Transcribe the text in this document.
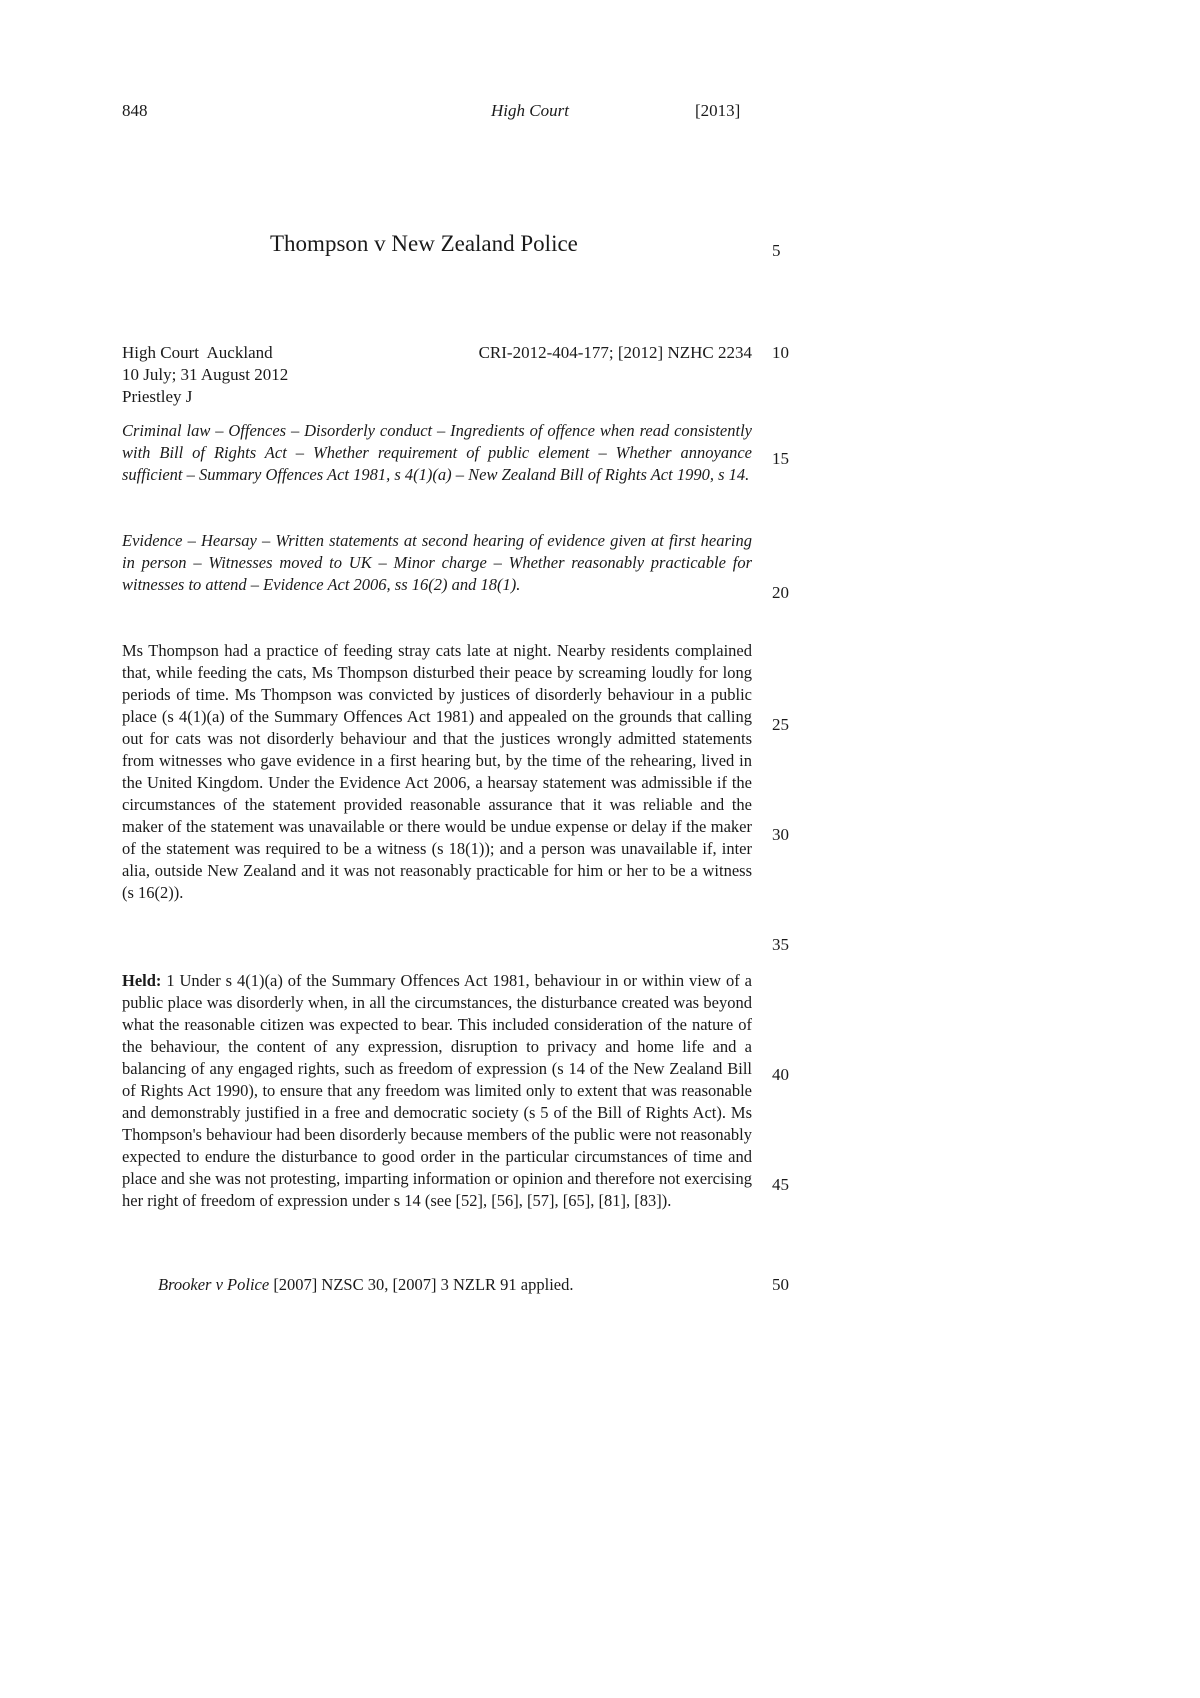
848	High Court	[2013]
Thompson v New Zealand Police
High Court  Auckland
10 July; 31 August 2012
Priestley J
CRI-2012-404-177; [2012] NZHC 2234

Criminal law – Offences – Disorderly conduct – Ingredients of offence when read consistently with Bill of Rights Act – Whether requirement of public element – Whether annoyance sufficient – Summary Offences Act 1981, s 4(1)(a) – New Zealand Bill of Rights Act 1990, s 14.

Evidence – Hearsay – Written statements at second hearing of evidence given at first hearing in person – Witnesses moved to UK – Minor charge – Whether reasonably practicable for witnesses to attend – Evidence Act 2006, ss 16(2) and 18(1).

Ms Thompson had a practice of feeding stray cats late at night. Nearby residents complained that, while feeding the cats, Ms Thompson disturbed their peace by screaming loudly for long periods of time. Ms Thompson was convicted by justices of disorderly behaviour in a public place (s 4(1)(a) of the Summary Offences Act 1981) and appealed on the grounds that calling out for cats was not disorderly behaviour and that the justices wrongly admitted statements from witnesses who gave evidence in a first hearing but, by the time of the rehearing, lived in the United Kingdom. Under the Evidence Act 2006, a hearsay statement was admissible if the circumstances of the statement provided reasonable assurance that it was reliable and the maker of the statement was unavailable or there would be undue expense or delay if the maker of the statement was required to be a witness (s 18(1)); and a person was unavailable if, inter alia, outside New Zealand and it was not reasonably practicable for him or her to be a witness (s 16(2)).

Held: 1 Under s 4(1)(a) of the Summary Offences Act 1981, behaviour in or within view of a public place was disorderly when, in all the circumstances, the disturbance created was beyond what the reasonable citizen was expected to bear. This included consideration of the nature of the behaviour, the content of any expression, disruption to privacy and home life and a balancing of any engaged rights, such as freedom of expression (s 14 of the New Zealand Bill of Rights Act 1990), to ensure that any freedom was limited only to extent that was reasonable and demonstrably justified in a free and democratic society (s 5 of the Bill of Rights Act). Ms Thompson's behaviour had been disorderly because members of the public were not reasonably expected to endure the disturbance to good order in the particular circumstances of time and place and she was not protesting, imparting information or opinion and therefore not exercising her right of freedom of expression under s 14 (see [52], [56], [57], [65], [81], [83]).

Brooker v Police [2007] NZSC 30, [2007] 3 NZLR 91 applied.
5
10
15
20
25
30
35
40
45
50
